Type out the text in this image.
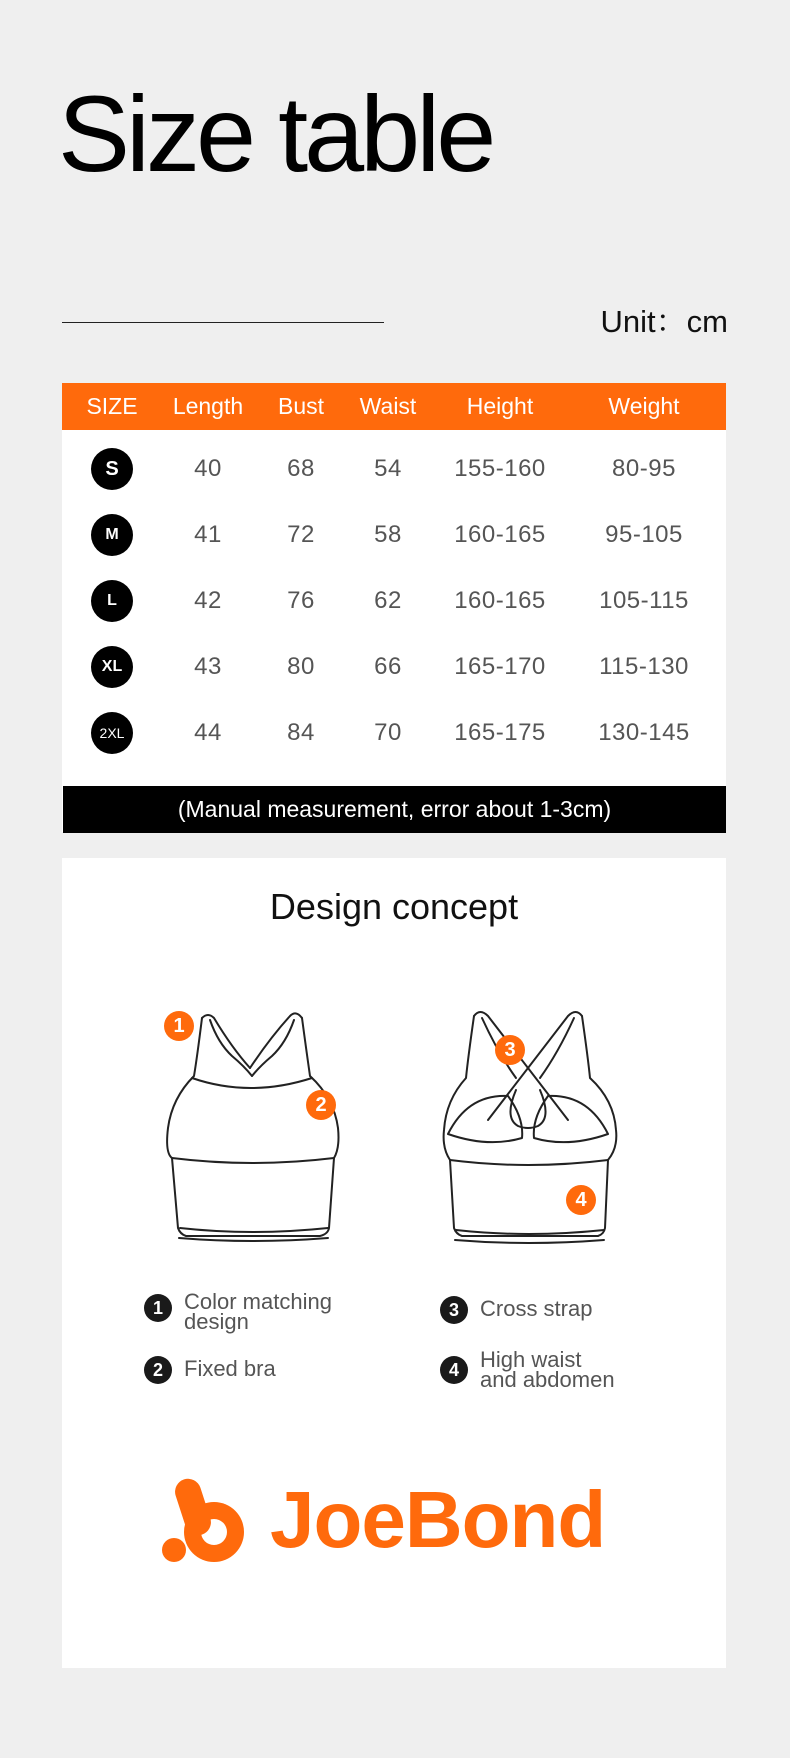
Size table
Unit：cm
SIZE	Length	Bust	Waist	Height	Weight
S	40	68	54	155-160	80-95
M	41	72	58	160-165	95-105
L	42	76	62	160-165	105-115
XL	43	80	66	165-170	115-130
2XL	44	84	70	165-175	130-145
(Manual measurement, error about 1-3cm)
Design concept
1
2
3
4
1 Color matching
design
2 Fixed bra
3 Cross strap
4 High waist
and abdomen
JoeBond
